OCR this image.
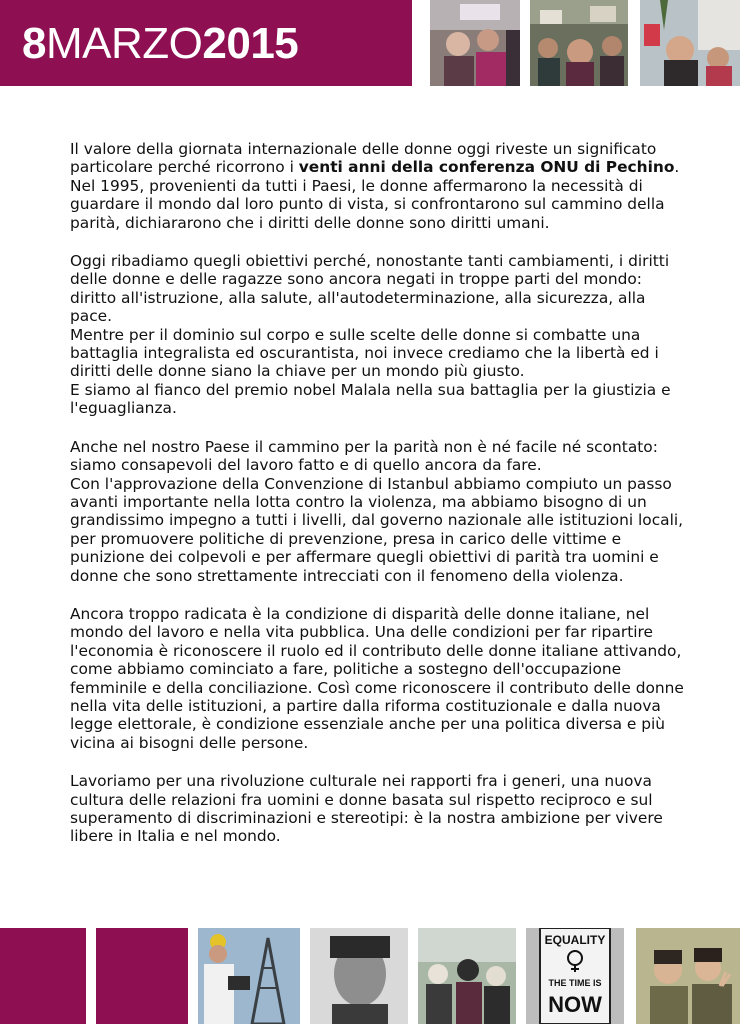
8MARZO2015

Il valore della giornata internazionale delle donne oggi riveste un significato
particolare perché ricorrono i venti anni della conferenza ONU di Pechino.
Nel 1995, provenienti da tutti i Paesi, le donne affermarono la necessità di
guardare il mondo dal loro punto di vista, si confrontarono sul cammino della
parità, dichiararono che i diritti delle donne sono diritti umani.

Oggi ribadiamo quegli obiettivi perché, nonostante tanti cambiamenti, i diritti
delle donne e delle ragazze sono ancora negati in troppe parti del mondo:
diritto all'istruzione, alla salute, all'autodeterminazione, alla sicurezza, alla
pace.
Mentre per il dominio sul corpo e sulle scelte delle donne si combatte una
battaglia integralista ed oscurantista, noi invece crediamo che la libertà ed i
diritti delle donne siano la chiave per un mondo più giusto.
E siamo al fianco del premio nobel Malala nella sua battaglia per la giustizia e
l'eguaglianza.

Anche nel nostro Paese il cammino per la parità non è né facile né scontato:
siamo consapevoli del lavoro fatto e di quello ancora da fare.
Con l'approvazione della Convenzione di Istanbul abbiamo compiuto un passo
avanti importante nella lotta contro la violenza, ma abbiamo bisogno di un
grandissimo impegno a tutti i livelli, dal governo nazionale alle istituzioni locali,
per promuovere politiche di prevenzione, presa in carico delle vittime e
punizione dei colpevoli e per affermare quegli obiettivi di parità tra uomini e
donne che sono strettamente intrecciati con il fenomeno della violenza.

Ancora troppo radicata è la condizione di disparità delle donne italiane, nel
mondo del lavoro e nella vita pubblica. Una delle condizioni per far ripartire
l'economia è riconoscere il ruolo ed il contributo delle donne italiane attivando,
come abbiamo cominciato a fare, politiche a sostegno dell'occupazione
femminile e della conciliazione. Così come riconoscere il contributo delle donne
nella vita delle istituzioni, a partire dalla riforma costituzionale e dalla nuova
legge elettorale, è condizione essenziale anche per una politica diversa e più
vicina ai bisogni delle persone.

Lavoriamo per una rivoluzione culturale nei rapporti fra i generi, una nuova
cultura delle relazioni fra uomini e donne basata sul rispetto reciproco e sul
superamento di discriminazioni e stereotipi: è la nostra ambizione per vivere
libere in Italia e nel mondo.

EQUALITY
THE TIME IS
NOW
